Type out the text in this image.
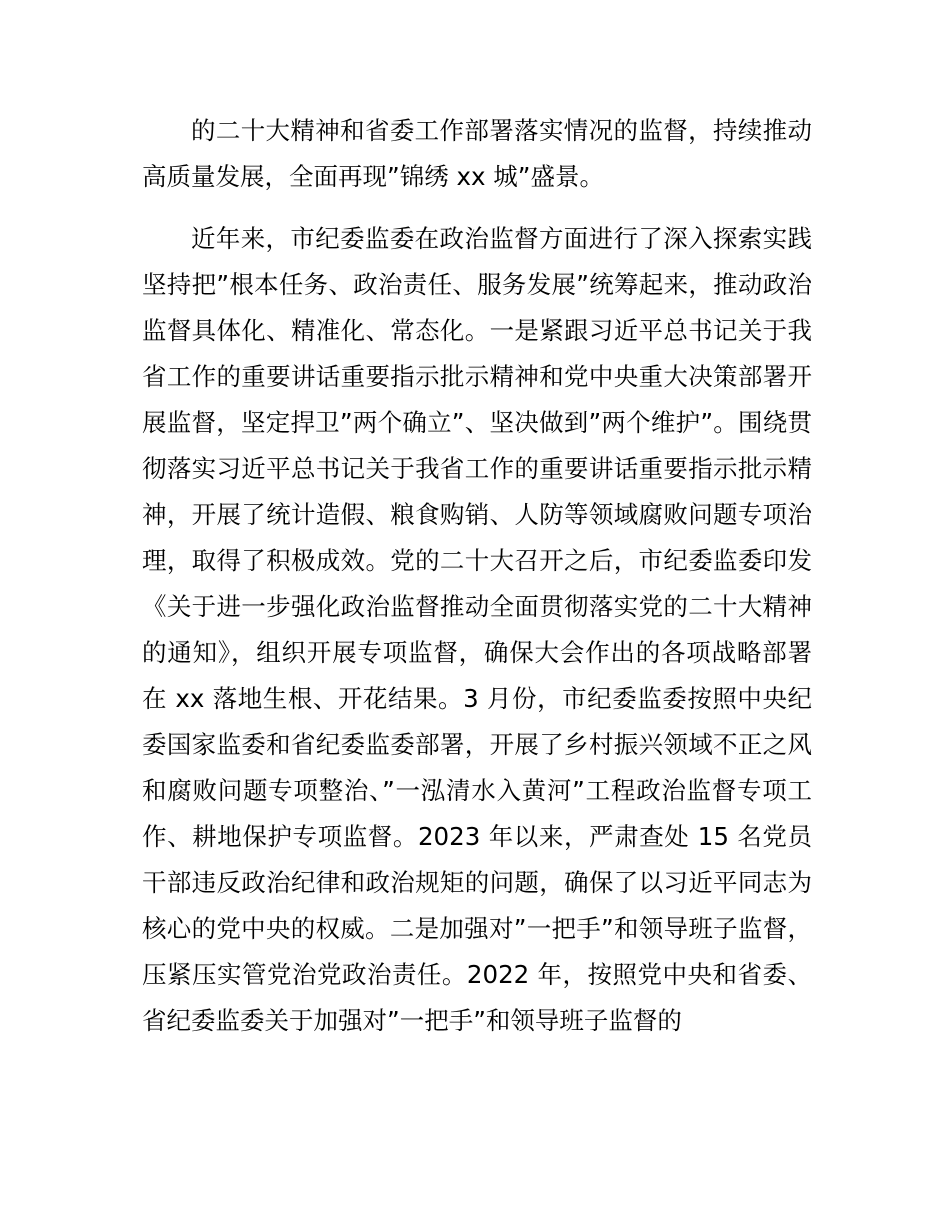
的二十大精神和省委工作部署落实情况的监督，持续推动
高质量发展，全面再现”锦绣 xx 城”盛景。

近年来，市纪委监委在政治监督方面进行了深入探索实践
坚持把”根本任务、政治责任、服务发展”统筹起来，推动政治
监督具体化、精准化、常态化。一是紧跟习近平总书记关于我
省工作的重要讲话重要指示批示精神和党中央重大决策部署开
展监督，坚定捍卫”两个确立”、坚决做到”两个维护”。围绕贯
彻落实习近平总书记关于我省工作的重要讲话重要指示批示精
神，开展了统计造假、粮食购销、人防等领域腐败问题专项治
理，取得了积极成效。党的二十大召开之后，市纪委监委印发
《关于进一步强化政治监督推动全面贯彻落实党的二十大精神
的通知》，组织开展专项监督，确保大会作出的各项战略部署
在 xx 落地生根、开花结果。3 月份，市纪委监委按照中央纪
委国家监委和省纪委监委部署，开展了乡村振兴领域不正之风
和腐败问题专项整治、”一泓清水入黄河”工程政治监督专项工
作、耕地保护专项监督。2023 年以来，严肃查处 15 名党员
干部违反政治纪律和政治规矩的问题，确保了以习近平同志为
核心的党中央的权威。二是加强对”一把手”和领导班子监督，
压紧压实管党治党政治责任。2022 年，按照党中央和省委、
省纪委监委关于加强对”一把手”和领导班子监督的
